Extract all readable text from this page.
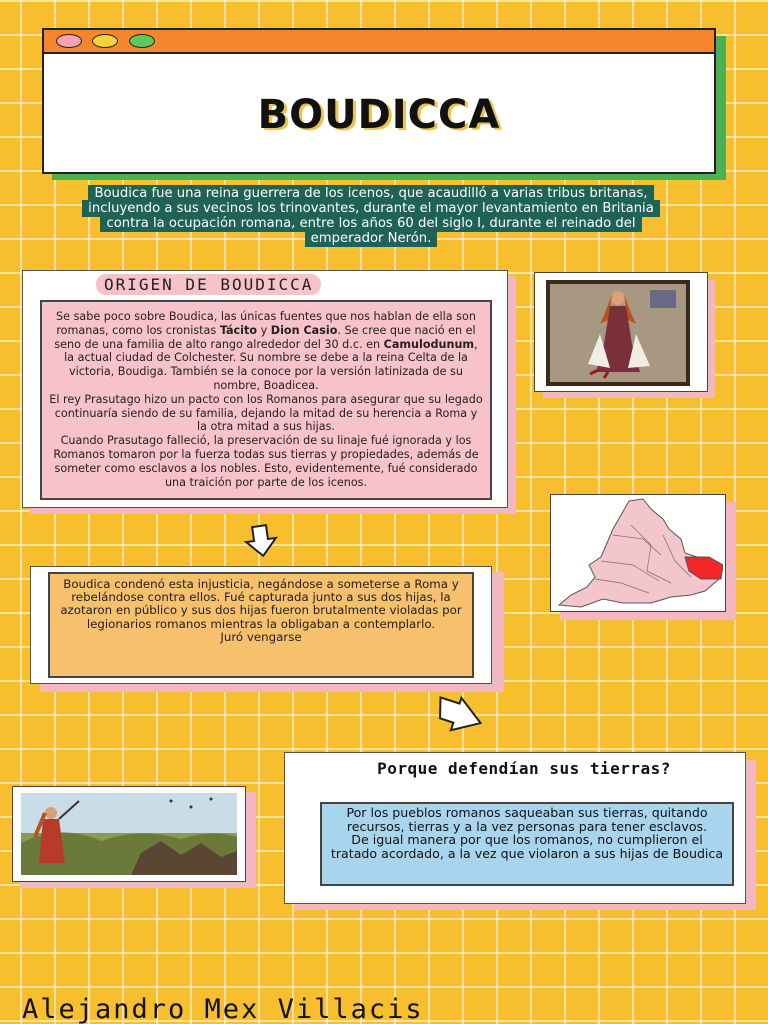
BOUDICCA
Boudica fue una reina guerrera de los icenos, que acaudilló a varias tribus britanas, incluyendo a sus vecinos los trinovantes, durante el mayor levantamiento en Britania contra la ocupación romana, entre los años 60 del siglo I, durante el reinado del emperador Nerón.
ORIGEN DE BOUDICCA

Se sabe poco sobre Boudica, las únicas fuentes que nos hablan de ella son romanas, como los cronistas Tácito y Dion Casio. Se cree que nació en el seno de una familia de alto rango alrededor del 30 d.c. en Camulodunum, la actual ciudad de Colchester. Su nombre se debe a la reina Celta de la victoria, Boudiga. También se la conoce por la versión latinizada de su nombre, Boadicea.

El rey Prasutago hizo un pacto con los Romanos para asegurar que su legado continuaría siendo de su familia, dejando la mitad de su herencia a Roma y la otra mitad a sus hijas.

Cuando Prasutago falleció, la preservación de su linaje fué ignorada y los Romanos tomaron por la fuerza todas sus tierras y propiedades, además de someter como esclavos a los nobles. Esto, evidentemente, fué considerado una traición por parte de los icenos.

Boudica condenó esta injusticia, negándose a someterse a Roma y rebelándose contra ellos. Fué capturada junto a sus dos hijas, la azotaron en público y sus dos hijas fueron brutalmente violadas por legionarios romanos mientras la obligaban a contemplarlo.

Juró vengarse

Porque defendían sus tierras?

Por los pueblos romanos saqueaban sus tierras, quitando recursos, tierras y a la vez personas para tener esclavos.

De igual manera por que los romanos, no cumplieron el tratado acordado, a la vez que violaron a sus hijas de Boudica

Alejandro Mex Villacis
